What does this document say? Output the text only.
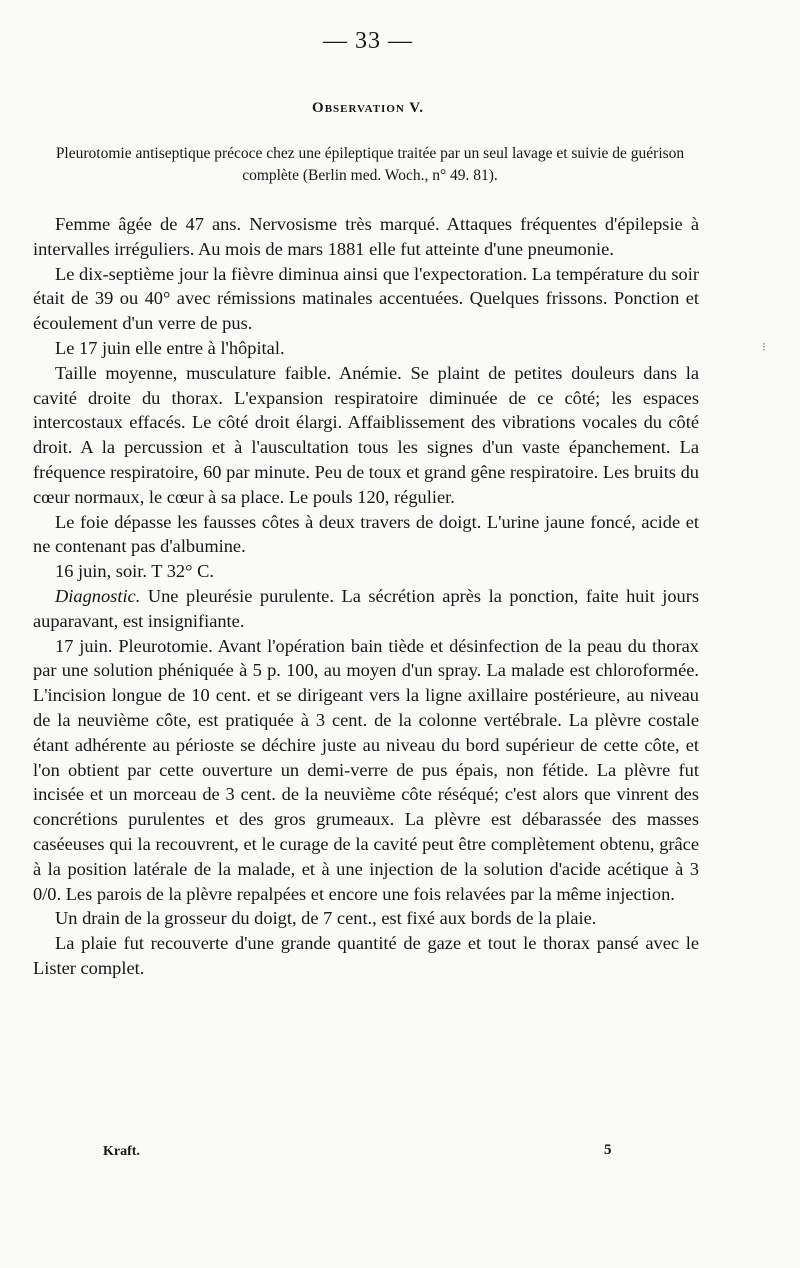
— 33 —
Observation V.
Pleurotomie antiseptique précoce chez une épileptique traitée par un seul lavage et suivie de guérison complète (Berlin med. Woch., n° 49. 81).

Femme âgée de 47 ans. Nervosisme très marqué. Attaques fréquentes d'épilepsie à intervalles irréguliers. Au mois de mars 1881 elle fut atteinte d'une pneumonie.

Le dix-septième jour la fièvre diminua ainsi que l'expectoration. La température du soir était de 39 ou 40° avec rémissions matinales accentuées. Quelques frissons. Ponction et écoulement d'un verre de pus.

Le 17 juin elle entre à l'hôpital.

Taille moyenne, musculature faible. Anémie. Se plaint de petites douleurs dans la cavité droite du thorax. L'expansion respiratoire diminuée de ce côté; les espaces intercostaux effacés. Le côté droit élargi. Affaiblissement des vibrations vocales du côté droit. A la percussion et à l'auscultation tous les signes d'un vaste épanchement. La fréquence respiratoire, 60 par minute. Peu de toux et grand gêne respiratoire. Les bruits du cœur normaux, le cœur à sa place. Le pouls 120, régulier.

Le foie dépasse les fausses côtes à deux travers de doigt. L'urine jaune foncé, acide et ne contenant pas d'albumine.

16 juin, soir. T 32° C.

Diagnostic. Une pleurésie purulente. La sécrétion après la ponction, faite huit jours auparavant, est insignifiante.

17 juin. Pleurotomie. Avant l'opération bain tiède et désinfection de la peau du thorax par une solution phéniquée à 5 p. 100, au moyen d'un spray. La malade est chloroformée. L'incision longue de 10 cent. et se dirigeant vers la ligne axillaire postérieure, au niveau de la neuvième côte, est pratiquée à 3 cent. de la colonne vertébrale. La plèvre costale étant adhérente au périoste se déchire juste au niveau du bord supérieur de cette côte, et l'on obtient par cette ouverture un demi-verre de pus épais, non fétide. La plèvre fut incisée et un morceau de 3 cent. de la neuvième côte réséqué; c'est alors que vinrent des concrétions purulentes et des gros grumeaux. La plèvre est débarassée des masses caséeuses qui la recouvrent, et le curage de la cavité peut être complètement obtenu, grâce à la position latérale de la malade, et à une injection de la solution d'acide acétique à 3 0/0. Les parois de la plèvre repalpées et encore une fois relavées par la même injection.

Un drain de la grosseur du doigt, de 7 cent., est fixé aux bords de la plaie.

La plaie fut recouverte d'une grande quantité de gaze et tout le thorax pansé avec le Lister complet.

Kraft.	5
⁝
